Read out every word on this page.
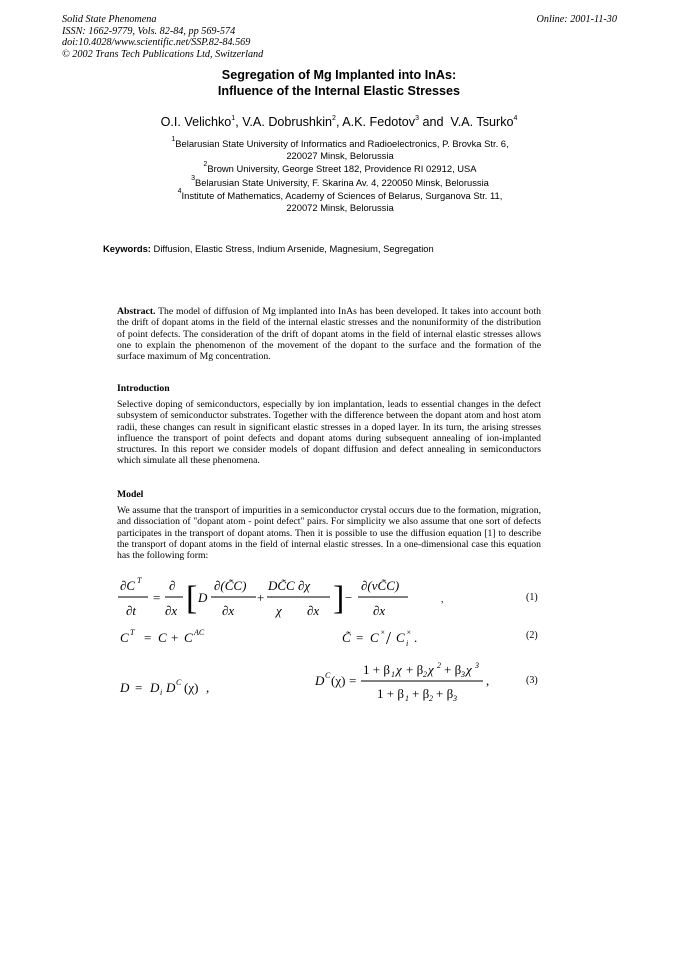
Solid State Phenomena
ISSN: 1662-9779, Vols. 82-84, pp 569-574
doi:10.4028/www.scientific.net/SSP.82-84.569
© 2002 Trans Tech Publications Ltd, Switzerland
Online: 2001-11-30
Segregation of Mg Implanted into InAs:
Influence of the Internal Elastic Stresses
O.I. Velichko$^1$, V.A. Dobrushkin$^2$, A.K. Fedotov$^3$ and  V.A. Tsurko$^4$
$^1$Belarusian State University of Informatics and Radioelectronics, P. Brovka Str. 6,
220027 Minsk, Belorussia
$^2$Brown University, George Street 182, Providence RI 02912, USA
$^3$Belarusian State University, F. Skarina Av. 4, 220050 Minsk, Belorussia
$^4$Institute of Mathematics, Academy of Sciences of Belarus, Surganova Str. 11,
220072 Minsk, Belorussia
Keywords: Diffusion, Elastic Stress, Indium Arsenide, Magnesium, Segregation
Abstract. The model of diffusion of Mg implanted into InAs has been developed. It takes into account both the drift of dopant atoms in the field of the internal elastic stresses and the nonuniformity of the distribution of point defects. The consideration of the drift of dopant atoms in the field of internal elastic stresses allows one to explain the phenomenon of the movement of the dopant to the surface and the formation of the surface maximum of Mg concentration.
Introduction
Selective doping of semiconductors, especially by ion implantation, leads to essential changes in the defect subsystem of semiconductor substrates. Together with the difference between the dopant atom and host atom radii, these changes can result in significant elastic stresses in a doped layer. In its turn, the arising stresses influence the transport of point defects and dopant atoms during subsequent annealing of ion-implanted structures. In this report we consider models of dopant diffusion and defect annealing in semiconductors which simulate all these phenomena.
Model
We assume that the transport of impurities in a semiconductor crystal occurs due to the formation, migration, and dissociation of "dopant atom - point defect" pairs. For simplicity we also assume that one sort of defects participates in the transport of dopant atoms. Then it is possible to use the diffusion equation [1] to describe the transport of dopant atoms in the field of internal elastic stresses. In a one-dimensional case this equation has the following form:
∂C T
∂t
=
∂
∂x [ D
∂(C̃C)
∂x
+
DC̃C ∂χ
χ ∂x ] −
∂(vC̃C)
∂x
,	(1)
C T = C + C AC	C̃ = C × / C ×
i .	(2)
D = D i D C (χ) ,	D C (χ) =
1 + β 1 χ + β 2 χ 2 + β 3 χ 3
1 + β 1 + β 2 + β 3
,	(3)
